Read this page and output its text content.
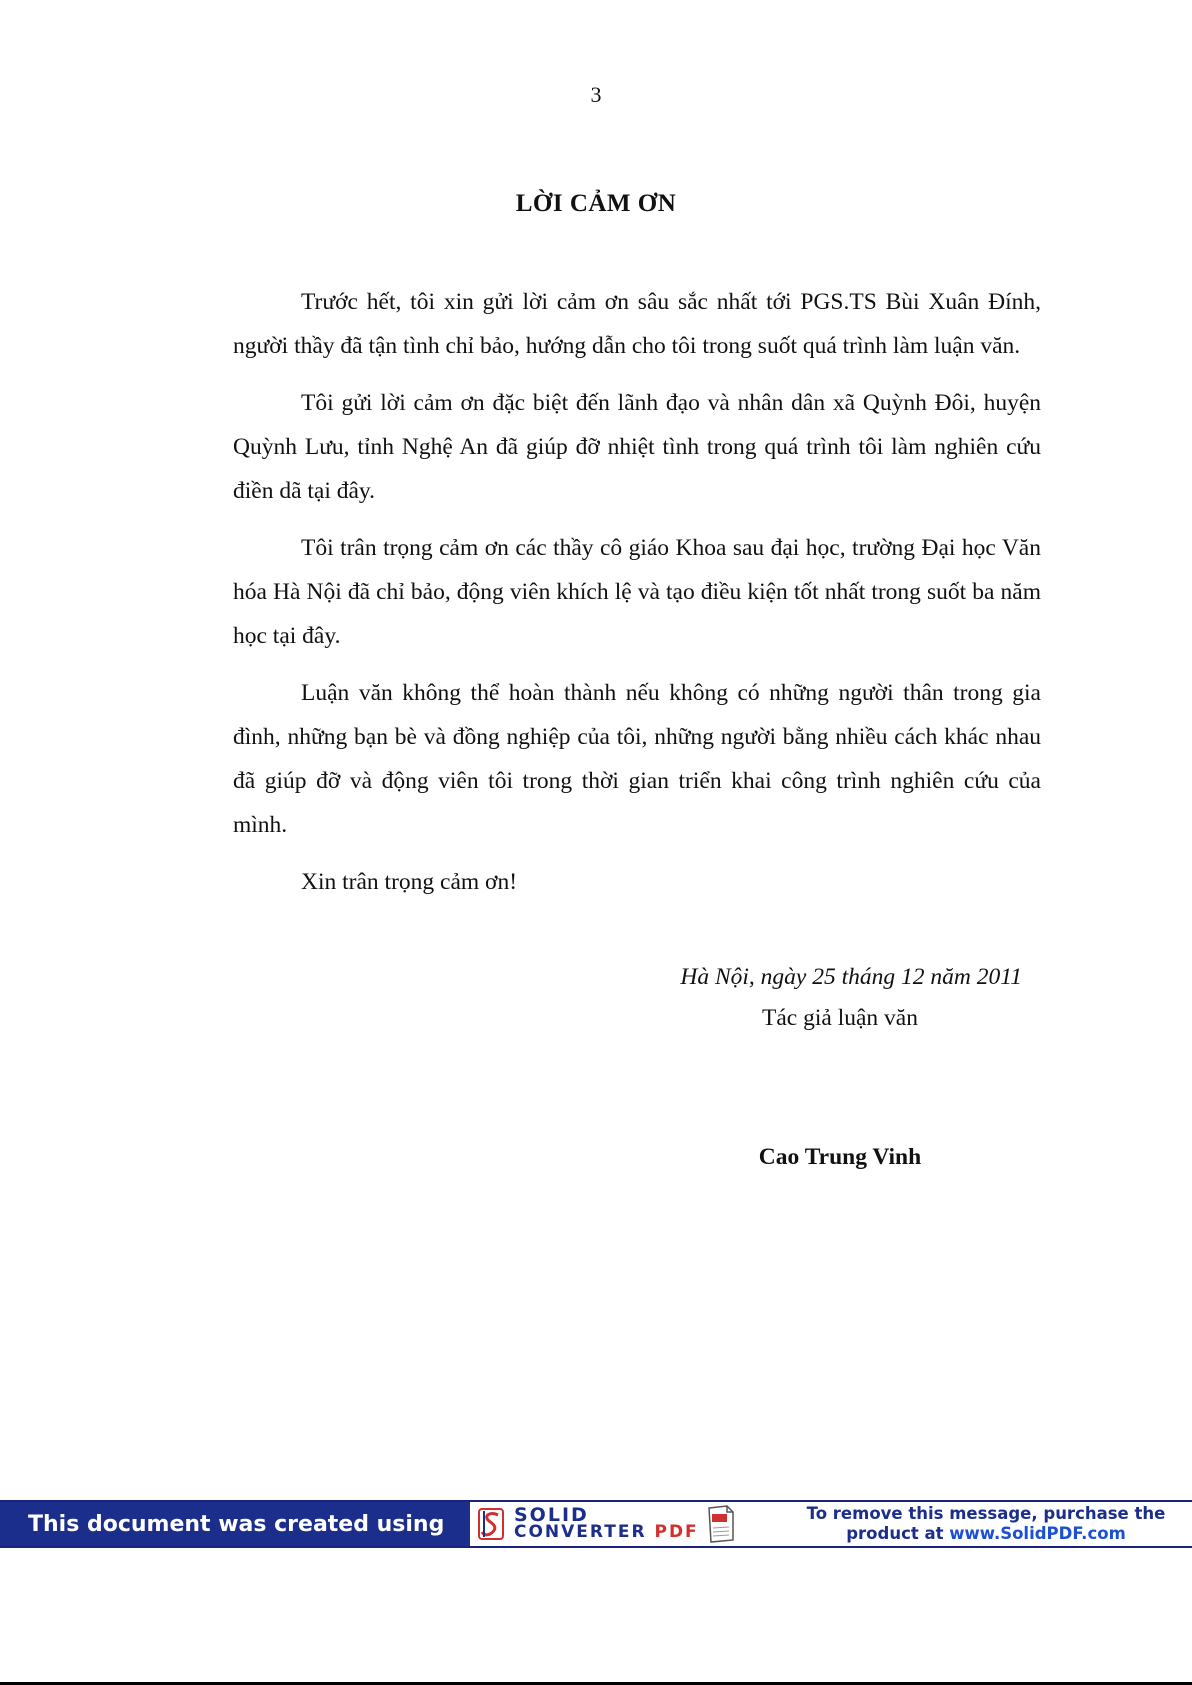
3
LỜI CẢM ƠN

Trước hết, tôi xin gửi lời cảm ơn sâu sắc nhất tới PGS.TS Bùi Xuân Đính, người thầy đã tận tình chỉ bảo, hướng dẫn cho tôi trong suốt quá trình làm luận văn.

Tôi gửi lời cảm ơn đặc biệt đến lãnh đạo và nhân dân xã Quỳnh Đôi, huyện Quỳnh Lưu, tỉnh Nghệ An đã giúp đỡ nhiệt tình trong quá trình tôi làm nghiên cứu điền dã tại đây.

Tôi trân trọng cảm ơn các thầy cô giáo Khoa sau đại học, trường Đại học Văn hóa Hà Nội đã chỉ bảo, động viên khích lệ và tạo điều kiện tốt nhất trong suốt ba năm học tại đây.

Luận văn không thể hoàn thành nếu không có những người thân trong gia đình, những bạn bè và đồng nghiệp của tôi, những người bằng nhiều cách khác nhau đã giúp đỡ và động viên tôi trong thời gian triển khai công trình nghiên cứu của mình.

Xin trân trọng cảm ơn!

Hà Nội, ngày 25 tháng 12 năm 2011
Tác giả luận văn
Cao Trung Vinh
This document was created using	SOLID
CONVERTER PDF
To remove this message, purchase the
product at www.SolidPDF.com
